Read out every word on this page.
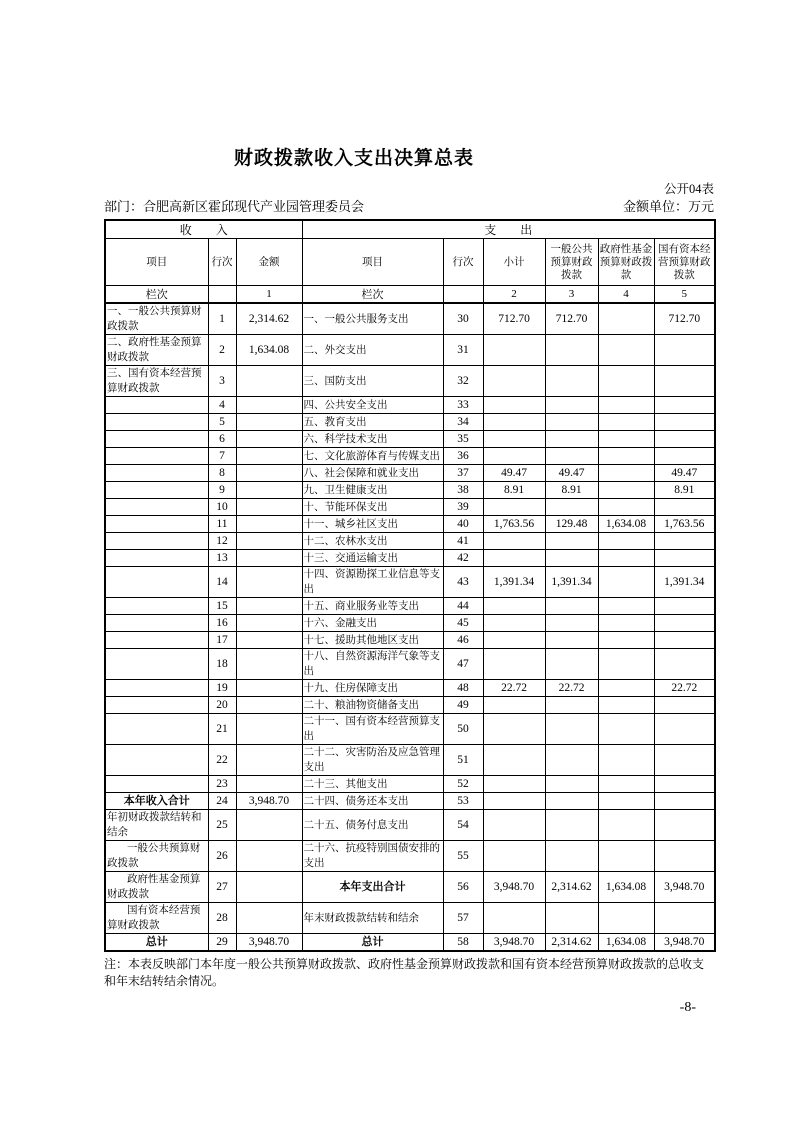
财政拨款收入支出决算总表
公开04表
部门：合肥高新区霍邱现代产业园管理委员会	金额单位：万元
收　　入			支　　出					
项目	行次	金额	项目	行次	小计	一般公共预算财政拨款	政府性基金预算财政拨款	国有资本经营预算财政拨款
栏次		1	栏次		2	3	4	5
一、一般公共预算财政拨款	1	2,314.62	一、一般公共服务支出	30	712.70	712.70		712.70
二、政府性基金预算财政拨款	2	1,634.08	二、外交支出	31				
三、国有资本经营预算财政拨款	3		三、国防支出	32				
	4		四、公共安全支出	33				
	5		五、教育支出	34				
	6		六、科学技术支出	35				
	7		七、文化旅游体育与传媒支出	36				
	8		八、社会保障和就业支出	37	49.47	49.47		49.47
	9		九、卫生健康支出	38	8.91	8.91		8.91
	10		十、节能环保支出	39				
	11		十一、城乡社区支出	40	1,763.56	129.48	1,634.08	1,763.56
	12		十二、农林水支出	41				
	13		十三、交通运输支出	42				
	14		十四、资源勘探工业信息等支出	43	1,391.34	1,391.34		1,391.34
	15		十五、商业服务业等支出	44				
	16		十六、金融支出	45				
	17		十七、援助其他地区支出	46				
	18		十八、自然资源海洋气象等支出	47				
	19		十九、住房保障支出	48	22.72	22.72		22.72
	20		二十、粮油物资储备支出	49				
	21		二十一、国有资本经营预算支出	50				
	22		二十二、灾害防治及应急管理支出	51				
	23		二十三、其他支出	52				
本年收入合计	24	3,948.70	二十四、债务还本支出	53				
年初财政拨款结转和结余	25		二十五、债务付息支出	54				
一般公共预算财政拨款	26		二十六、抗疫特别国债安排的支出	55				
政府性基金预算财政拨款	27		本年支出合计	56	3,948.70	2,314.62	1,634.08	3,948.70
国有资本经营预算财政拨款	28		年末财政拨款结转和结余	57				
总计	29	3,948.70	总计	58	3,948.70	2,314.62	1,634.08	3,948.70
注：本表反映部门本年度一般公共预算财政拨款、政府性基金预算财政拨款和国有资本经营预算财政拨款的总收支和年末结转结余情况。
-8-
